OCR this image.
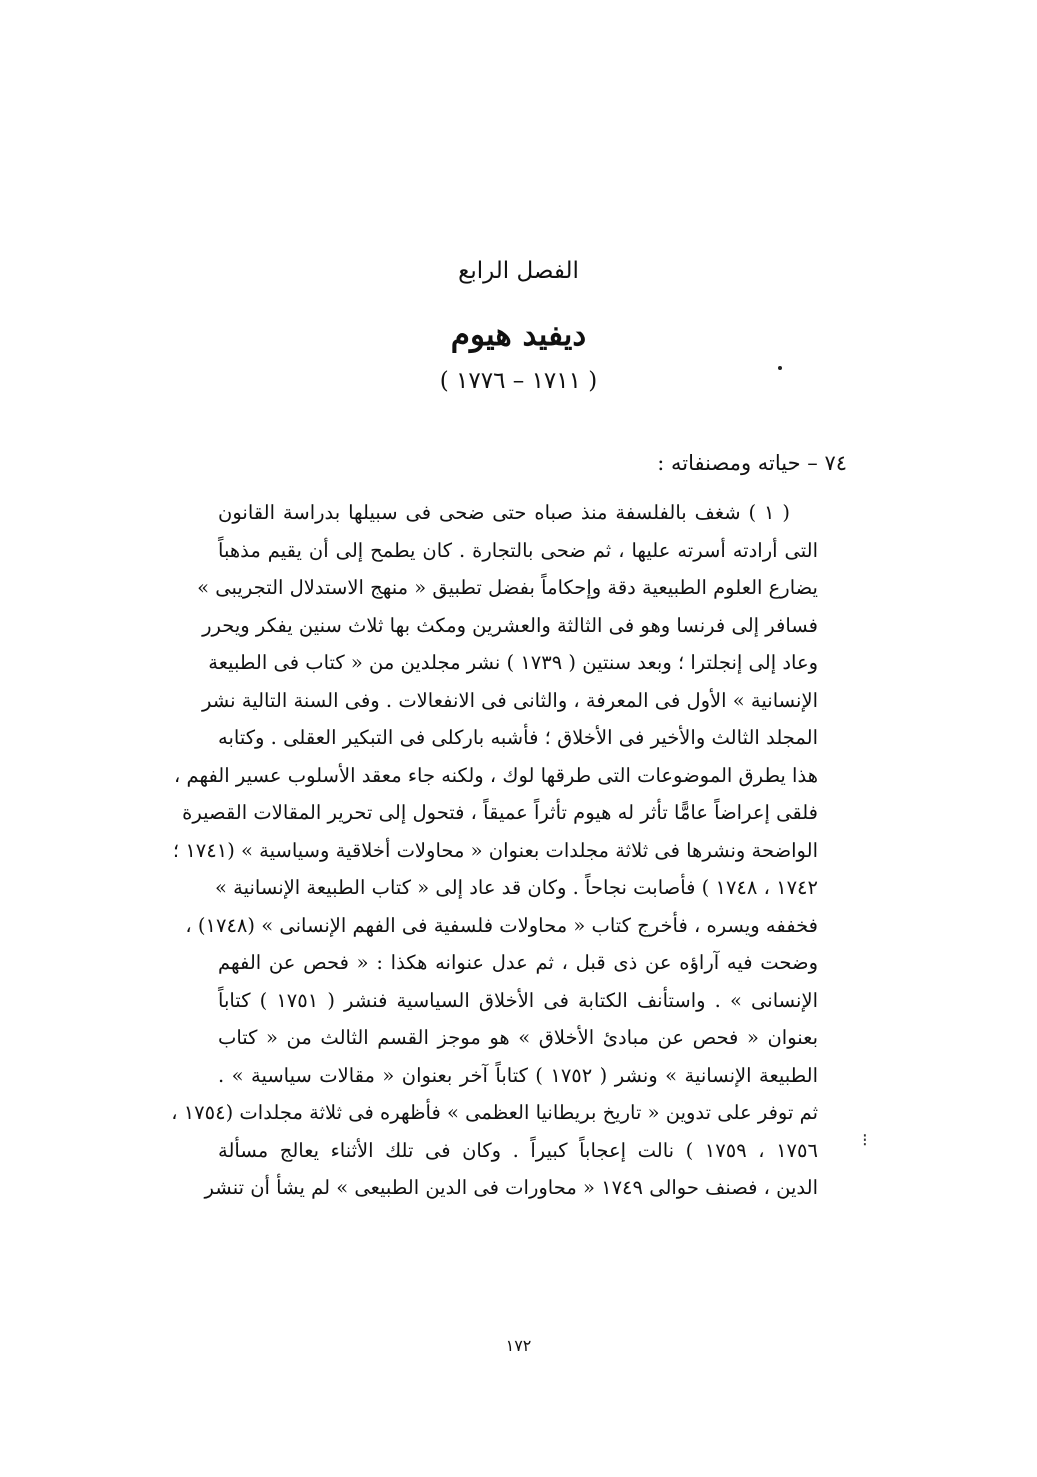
الفصل الرابع
ديفيد هيوم
( ١٧١١ – ١٧٧٦ )
٧٤ – حياته ومصنفاته :
( ١ ) شغف بالفلسفة منذ صباه حتى ضحى فى سبيلها بدراسة القانون
التى أرادته أسرته عليها ، ثم ضحى بالتجارة . كان يطمح إلى أن يقيم مذهباً
يضارع العلوم الطبيعية دقة وإحكاماً بفضل تطبيق « منهج الاستدلال التجريبى »
فسافر إلى فرنسا وهو فى الثالثة والعشرين ومكث بها ثلاث سنين يفكر ويحرر
وعاد إلى إنجلترا ؛ وبعد سنتين ( ١٧٣٩ ) نشر مجلدين من « كتاب فى الطبيعة
الإنسانية » الأول فى المعرفة ، والثانى فى الانفعالات . وفى السنة التالية نشر
المجلد الثالث والأخير فى الأخلاق ؛ فأشبه باركلى فى التبكير العقلى . وكتابه
هذا يطرق الموضوعات التى طرقها لوك ، ولكنه جاء معقد الأسلوب عسير الفهم ،
فلقى إعراضاً عامًّا تأثر له هيوم تأثراً عميقاً ، فتحول إلى تحرير المقالات القصيرة
الواضحة ونشرها فى ثلاثة مجلدات بعنوان « محاولات أخلاقية وسياسية » (١٧٤١ ؛
١٧٤٢ ، ١٧٤٨ ) فأصابت نجاحاً . وكان قد عاد إلى « كتاب الطبيعة الإنسانية »
فخففه ويسره ، فأخرج كتاب « محاولات فلسفية فى الفهم الإنسانى » (١٧٤٨) ،
وضحت فيه آراؤه عن ذى قبل ، ثم عدل عنوانه هكذا : « فحص عن الفهم
الإنسانى » . واستأنف الكتابة فى الأخلاق السياسية فنشر ( ١٧٥١ ) كتاباً
بعنوان « فحص عن مبادئ الأخلاق » هو موجز القسم الثالث من « كتاب
الطبيعة الإنسانية » ونشر ( ١٧٥٢ ) كتاباً آخر بعنوان « مقالات سياسية » .
ثم توفر على تدوين « تاريخ بريطانيا العظمى » فأظهره فى ثلاثة مجلدات (١٧٥٤ ،
١٧٥٦ ، ١٧٥٩ ) نالت إعجاباً كبيراً . وكان فى تلك الأثناء يعالج مسألة
الدين ، فصنف حوالى ١٧٤٩ « محاورات فى الدين الطبيعى » لم يشأ أن تنشر
⁝
١٧٢
